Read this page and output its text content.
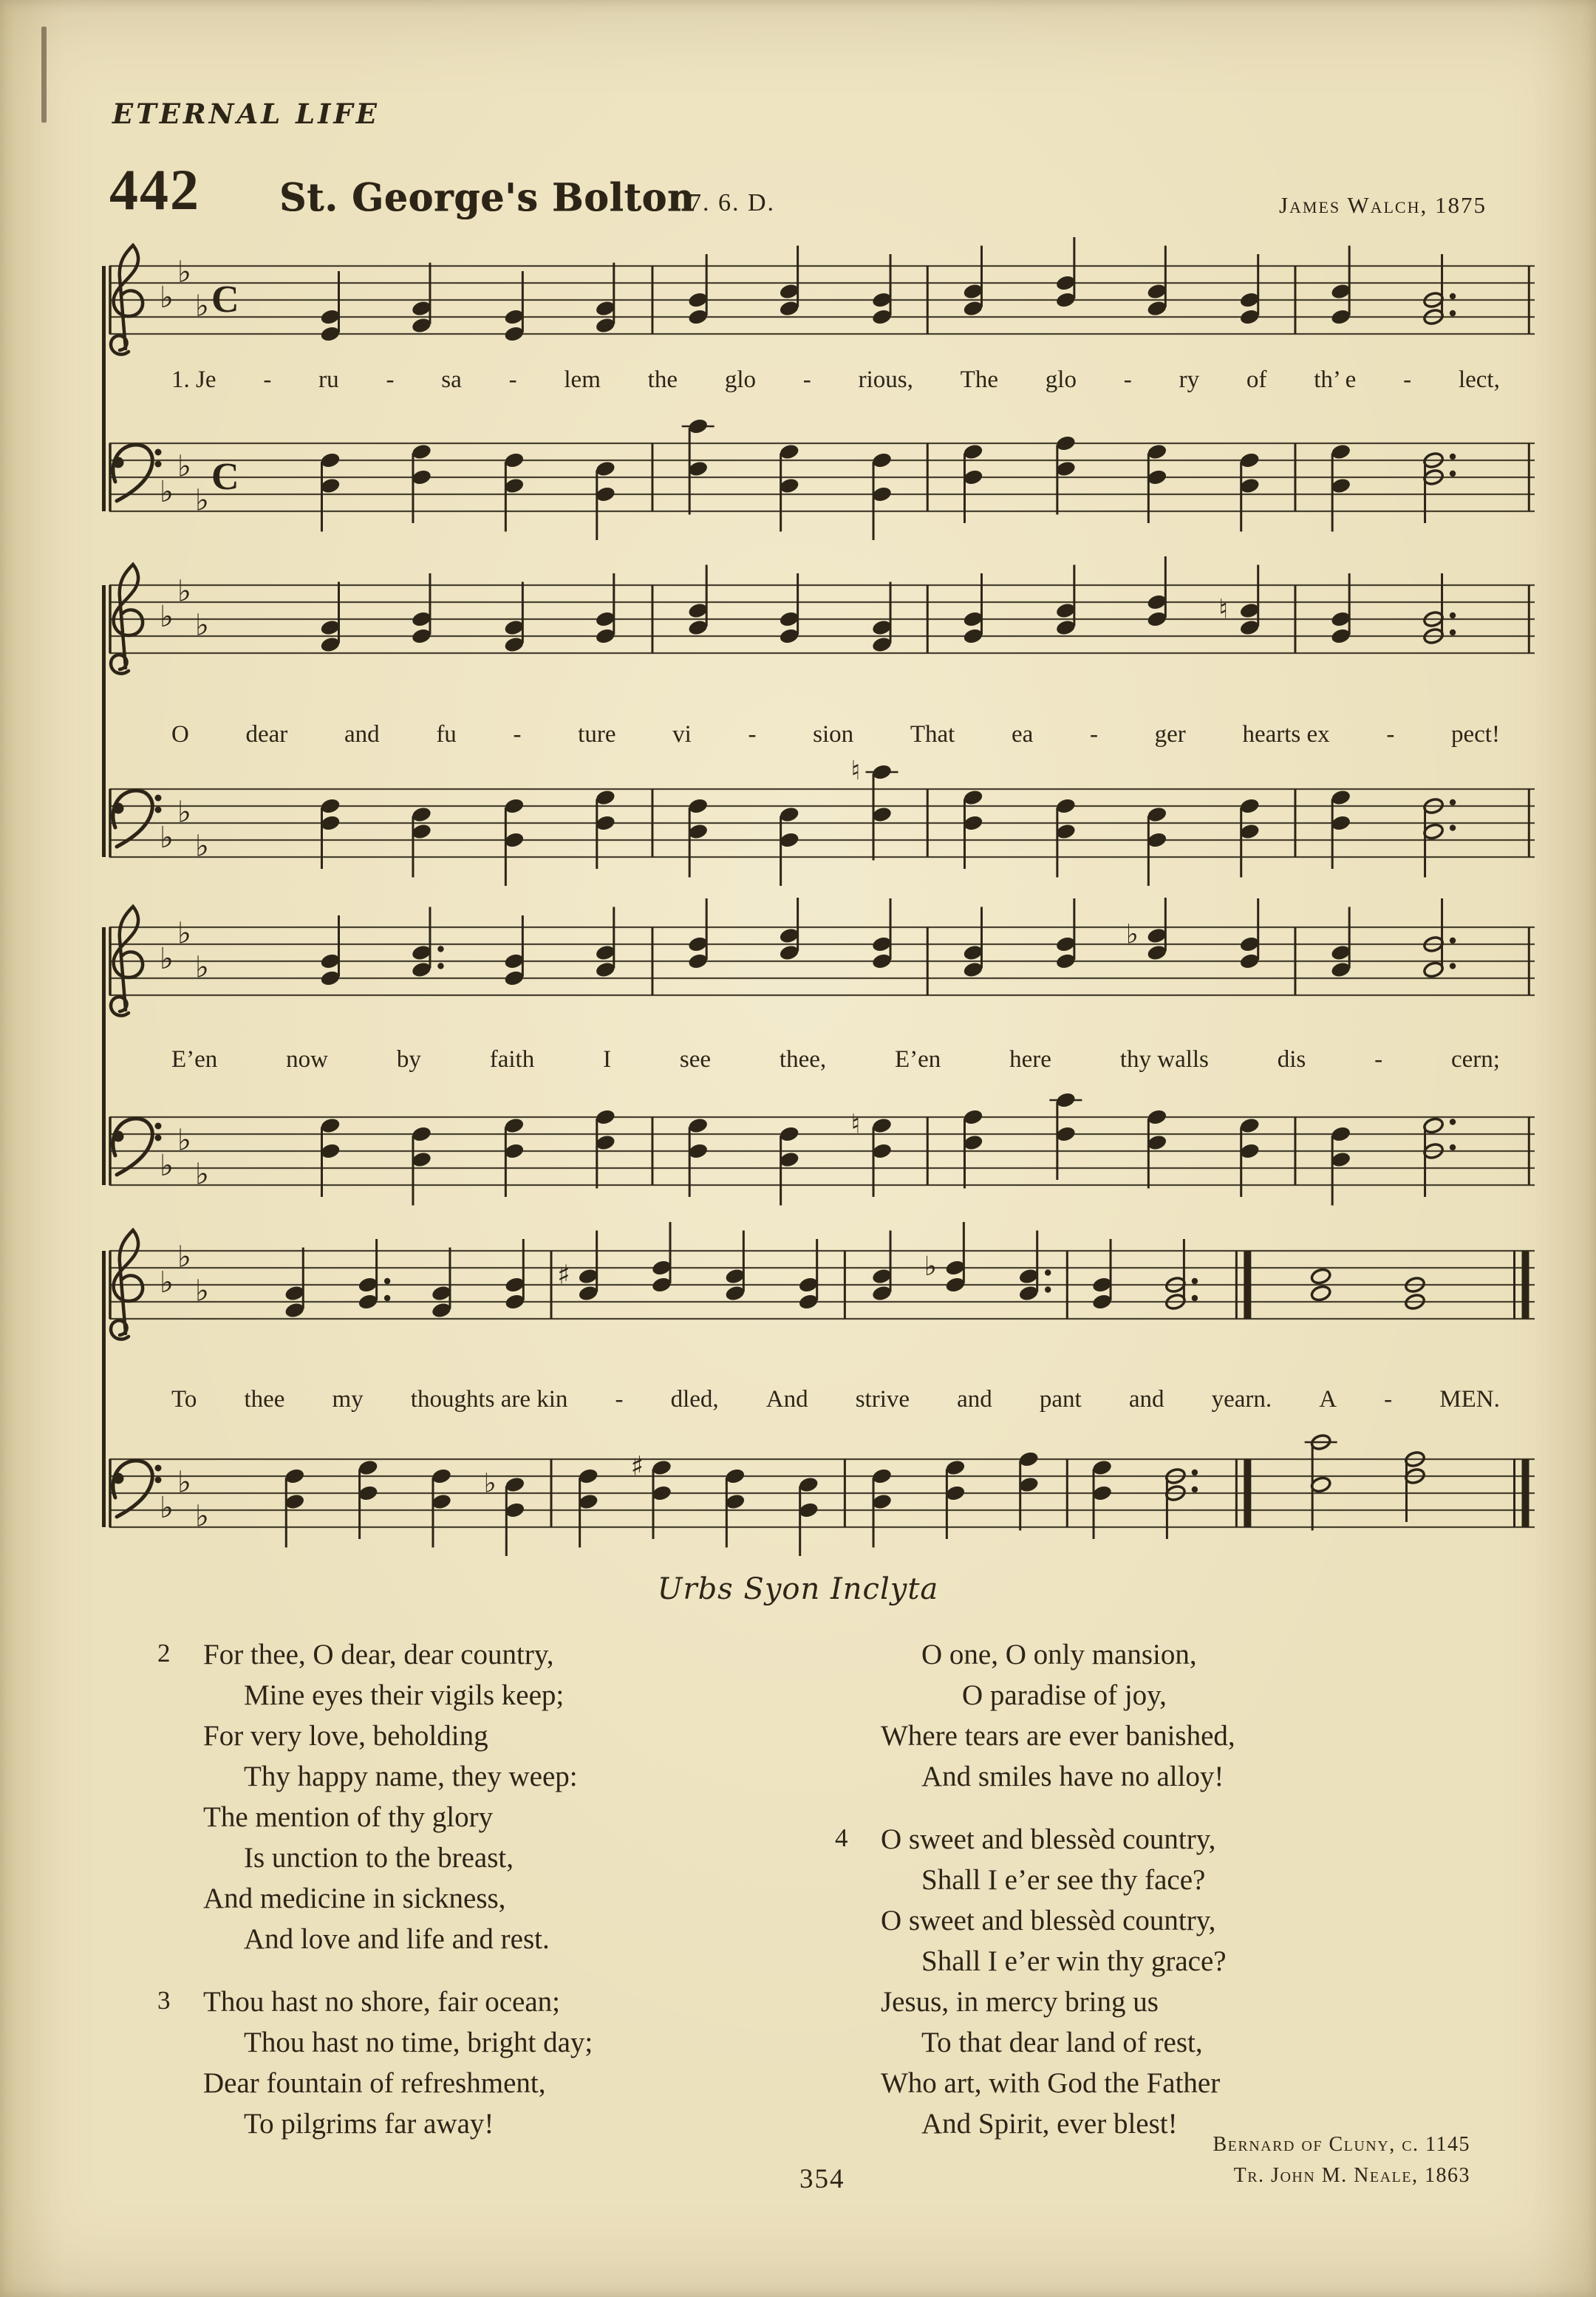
ETERNAL LIFE
442 St. George's Bolton
7. 6. D.	James Walch, 1875
♭
♭
♭ C
1. Je - ru - sa - lem the glo - rious, The glo - ry of th’ e - lect,
♭
♭
♭
C
♭
♭
♭	♮
O dear and fu - ture vi - sion That ea - ger hearts ex - pect!
♭
♭
♭
♮
♭
♭
♭
♭
E’en	now	by	faith	I	see	thee,	E’en	here	thy walls	dis	-	cern;
♭
♭
♭
♮
♭
♭
♭	♯	♭
To thee my thoughts are kin - dled, And strive and pant and yearn. A - MEN.
♭
♭
♭
♭
♯
Urbs Syon Inclyta
2 For thee, O dear, dear country,
Mine eyes their vigils keep;
For very love, beholding
Thy happy name, they weep:
The mention of thy glory
Is unction to the breast,
And medicine in sickness,
And love and life and rest.
3 Thou hast no shore, fair ocean;
Thou hast no time, bright day;
Dear fountain of refreshment,
To pilgrims far away!
O one, O only mansion,
O paradise of joy,
Where tears are ever banished,
And smiles have no alloy!
4 O sweet and blessèd country,
Shall I e’er see thy face?
O sweet and blessèd country,
Shall I e’er win thy grace?
Jesus, in mercy bring us
To that dear land of rest,
Who art, with God the Father
And Spirit, ever blest!
Bernard of Cluny, c. 1145
Tr. John M. Neale, 1863
354
